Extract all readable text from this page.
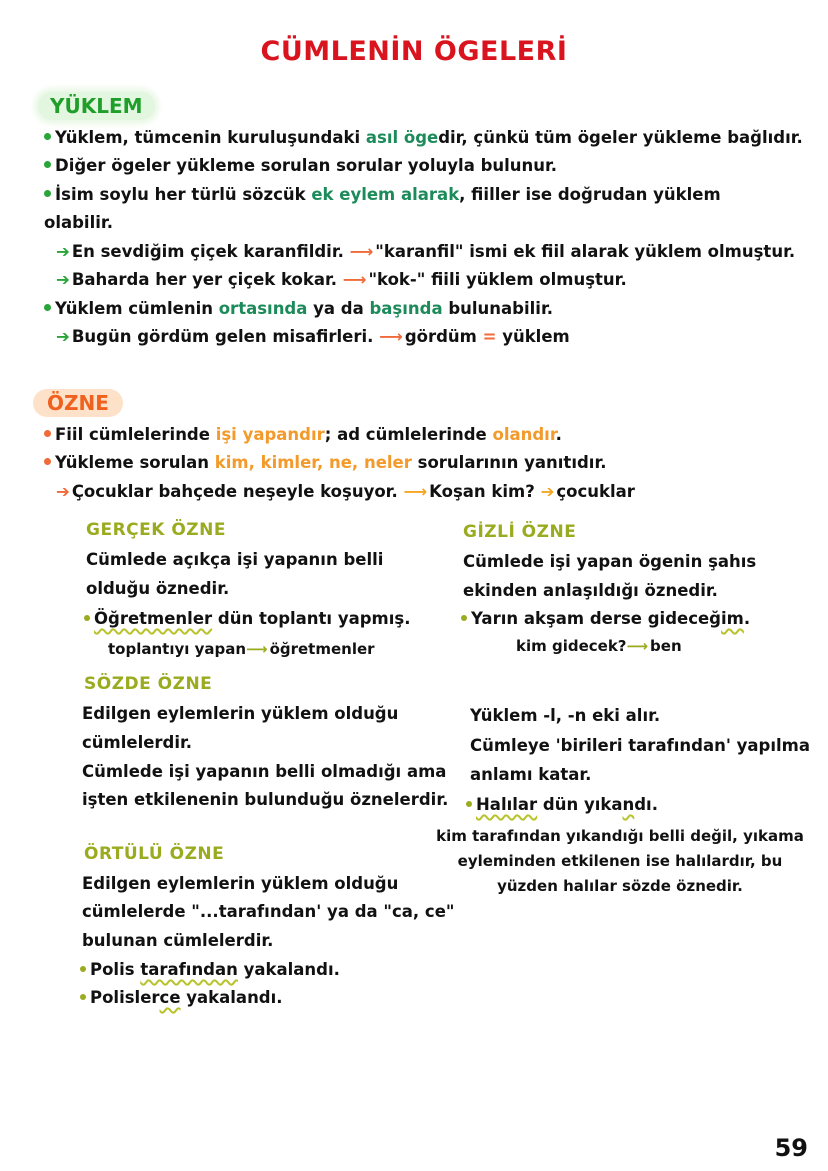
CÜMLENİN ÖGELERİ
YÜKLEM
Yüklem, tümcenin kuruluşundaki asıl ögedir, çünkü tüm ögeler yükleme bağlıdır.
Diğer ögeler yükleme sorulan sorular yoluyla bulunur.
İsim soylu her türlü sözcük ek eylem alarak, fiiller ise doğrudan yüklem
olabilir.
➔ En sevdiğim çiçek karanfildir. ⟶ "karanfil" ismi ek fiil alarak yüklem olmuştur.
➔ Baharda her yer çiçek kokar. ⟶ "kok-" fiili yüklem olmuştur.
Yüklem cümlenin ortasında ya da başında bulunabilir.
➔ Bugün gördüm gelen misafirleri. ⟶ gördüm = yüklem
ÖZNE
Fiil cümlelerinde işi yapandır; ad cümlelerinde olandır.
Yükleme sorulan kim, kimler, ne, neler sorularının yanıtıdır.
➔ Çocuklar bahçede neşeyle koşuyor. ⟶ Koşan kim? ➔ çocuklar
GERÇEK ÖZNE
Cümlede açıkça işi yapanın belli
olduğu öznedir.
Öğretmenler dün toplantı yapmış.
toplantıyı yapan⟶ öğretmenler
GİZLİ ÖZNE
Cümlede işi yapan ögenin şahıs
ekinden anlaşıldığı öznedir.
Yarın akşam derse gideceğim.
kim gidecek?⟶ ben
SÖZDE ÖZNE
Edilgen eylemlerin yüklem olduğu
cümlelerdir.
Cümlede işi yapanın belli olmadığı ama
işten etkilenenin bulunduğu öznelerdir.
Yüklem -l, -n eki alır.
Cümleye 'birileri tarafından' yapılma
anlamı katar.
Halılar dün yıkandı.
kim tarafından yıkandığı belli değil, yıkama
eyleminden etkilenen ise halılardır, bu
yüzden halılar sözde öznedir.
ÖRTÜLÜ ÖZNE
Edilgen eylemlerin yüklem olduğu
cümlelerde "...tarafından' ya da "ca, ce"
bulunan cümlelerdir.
Polis tarafından yakalandı.
Polislerce yakalandı.
59
